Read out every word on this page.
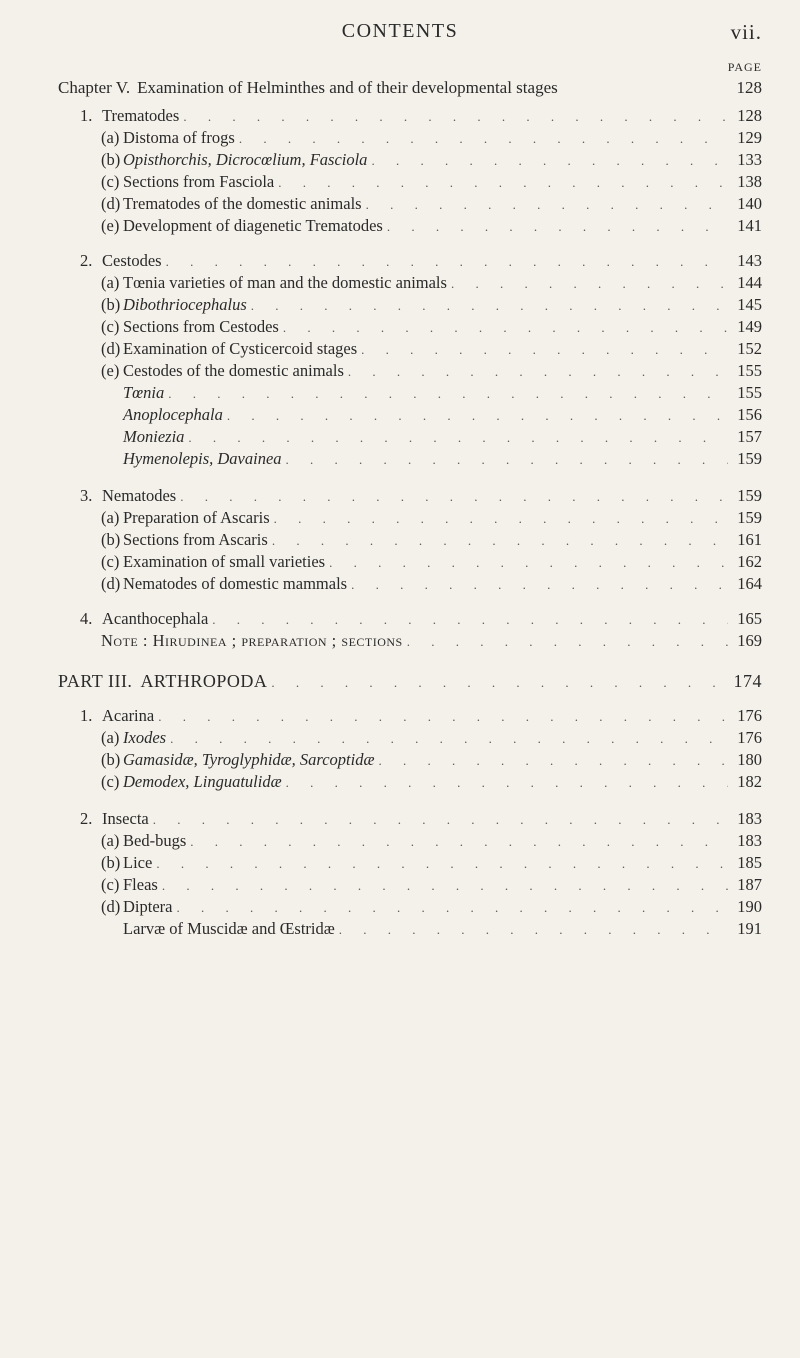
CONTENTS	vii.
PAGE
Chapter V. Examination of Helminthes and of their developmental stages	128
1. Trematodes . . .	128
(a) Distoma of frogs . . .	129
(b) Opisthorchis, Dicrocœlium, Fasciola . . .	133
(c) Sections from Fasciola . . .	138
(d) Trematodes of the domestic animals . . .	140
(e) Development of diagenetic Trematodes . . .	141
2. Cestodes . . .	143
(a) Tœnia varieties of man and the domestic animals . . .	144
(b) Dibothriocephalus . . .	145
(c) Sections from Cestodes . . .	149
(d) Examination of Cysticercoid stages . . .	152
(e) Cestodes of the domestic animals . . .	155
Tœnia . . .	155
Anoplocephala . . .	156
Moniezia . . .	157
Hymenolepis, Davainea . . .	159
3. Nematodes . . .	159
(a) Preparation of Ascaris . . .	159
(b) Sections from Ascaris . . .	161
(c) Examination of small varieties . . .	162
(d) Nematodes of domestic mammals . . .	164
4. Acanthocephala . . .	165
Note : Hirudinea ; preparation ; sections . . .	169
PART III. ARTHROPODA . . .	174
1. Acarina . . .	176
(a) Ixodes . . .	176
(b) Gamasidæ, Tyroglyphidæ, Sarcoptidæ . . .	180
(c) Demodex, Linguatulidæ . . .	182
2. Insecta . . .	183
(a) Bed-bugs . . .	183
(b) Lice . . .	185
(c) Fleas . . .	187
(d) Diptera . . .	190
Larvæ of Muscidæ and Œstridæ . . .	191
